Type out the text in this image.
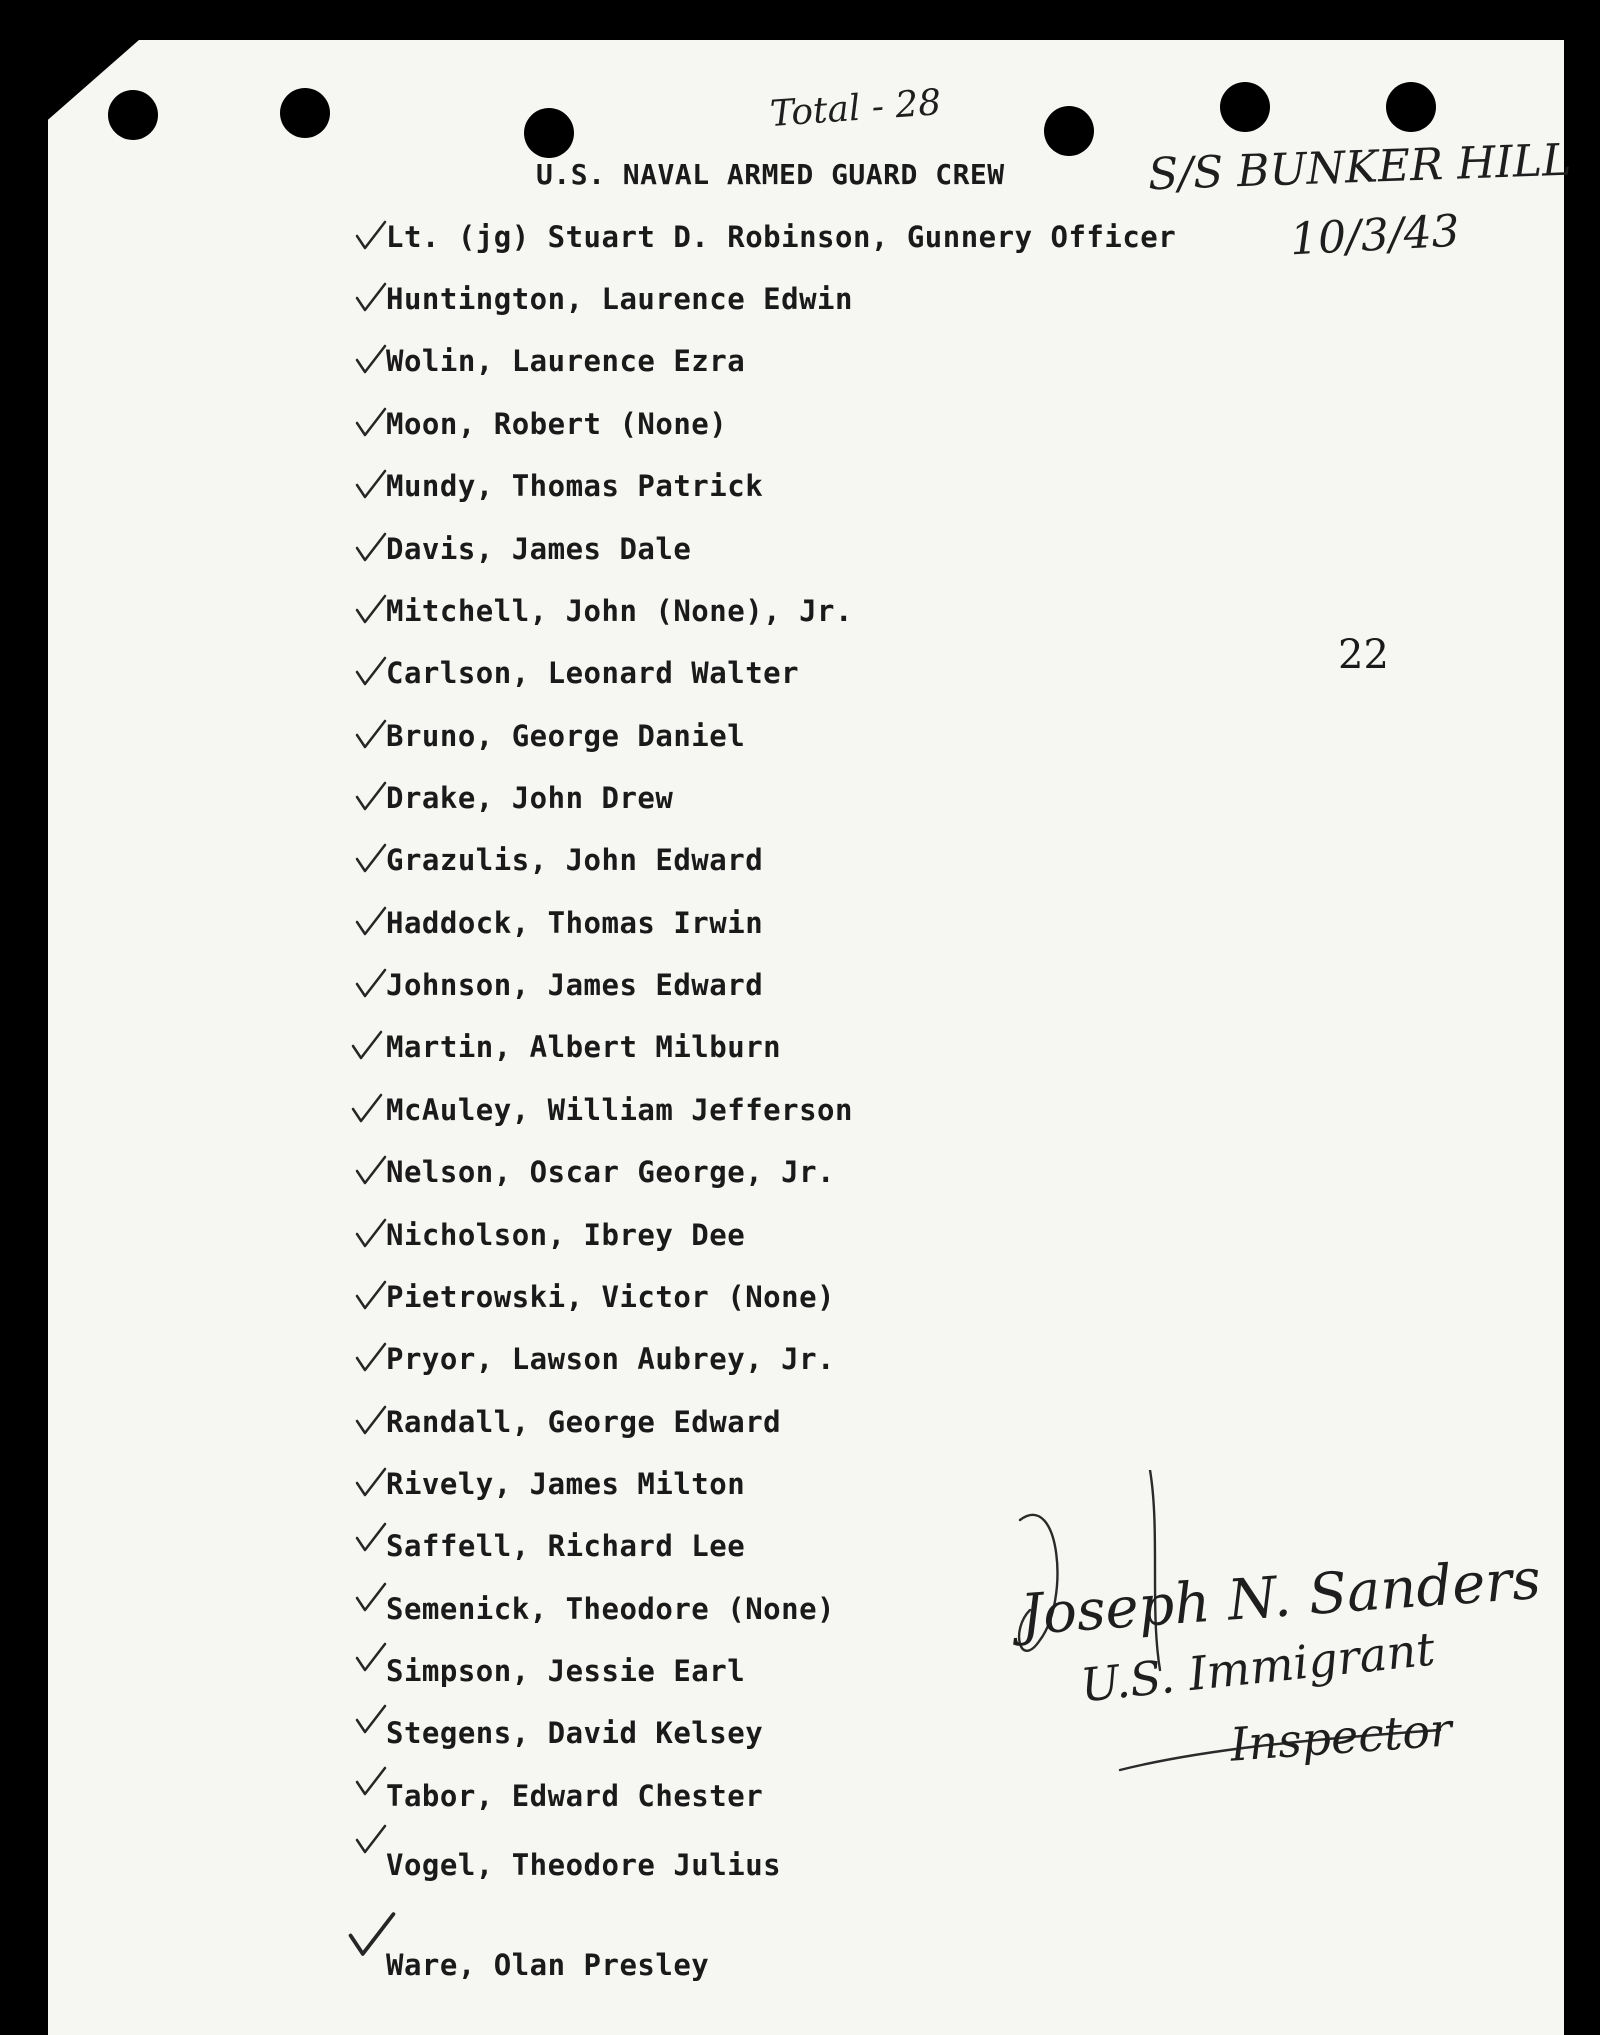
Total - 28
S/S BUNKER HILL
10/3/43
U.S. NAVAL ARMED GUARD CREW
22
Lt. (jg) Stuart D. Robinson, Gunnery Officer
Huntington, Laurence Edwin
Wolin, Laurence Ezra
Moon, Robert (None)
Mundy, Thomas Patrick
Davis, James Dale
Mitchell, John (None), Jr.
Carlson, Leonard Walter
Bruno, George Daniel
Drake, John Drew
Grazulis, John Edward
Haddock, Thomas Irwin
Johnson, James Edward
Martin, Albert Milburn
McAuley, William Jefferson
Nelson, Oscar George, Jr.
Nicholson, Ibrey Dee
Pietrowski, Victor (None)
Pryor, Lawson Aubrey, Jr.
Randall, George Edward
Rively, James Milton
Saffell, Richard Lee
Semenick, Theodore (None)
Simpson, Jessie Earl
Stegens, David Kelsey
Tabor, Edward Chester
Vogel, Theodore Julius
Ware, Olan Presley
Joseph N. Sanders
U.S. Immigrant
Inspector
